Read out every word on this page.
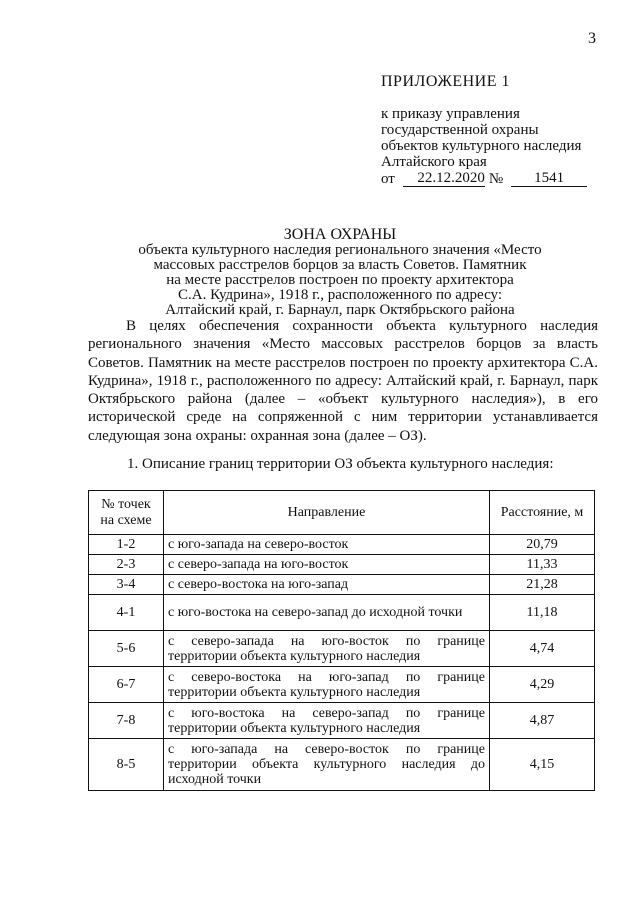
3
ПРИЛОЖЕНИЕ 1
к приказу управления
государственной охраны
объектов культурного наследия
Алтайского края
от	22.12.2020 №	1541
ЗОНА ОХРАНЫ
объекта культурного наследия регионального значения «Место
массовых расстрелов борцов за власть Советов. Памятник
на месте расстрелов построен по проекту архитектора
С.А. Кудрина», 1918 г., расположенного по адресу:
Алтайский край, г. Барнаул, парк Октябрьского района
В целях обеспечения сохранности объекта культурного наследия регионального значения «Место массовых расстрелов борцов за власть Советов. Памятник на месте расстрелов построен по проекту архитектора С.А. Кудрина», 1918 г., расположенного по адресу: Алтайский край, г. Барнаул, парк Октябрьского района (далее – «объект культурного наследия»), в его исторической среде на сопряженной с ним территории устанавливается следующая зона охраны: охранная зона (далее – ОЗ).
1. Описание границ территории ОЗ объекта культурного наследия:
№ точек на схеме	Направление	Расстояние, м
1-2	с юго-запада на северо-восток	20,79
2-3	с северо-запада на юго-восток	11,33
3-4	с северо-востока на юго-запад	21,28
4-1	с юго-востока на северо-запад до исходной точки	11,18
5-6	с северо-запада на юго-восток по границе территории объекта культурного наследия	4,74
6-7	с северо-востока на юго-запад по границе территории объекта культурного наследия	4,29
7-8	с юго-востока на северо-запад по границе территории объекта культурного наследия	4,87
8-5	с юго-запада на северо-восток по границе территории объекта культурного наследия до исходной точки	4,15
